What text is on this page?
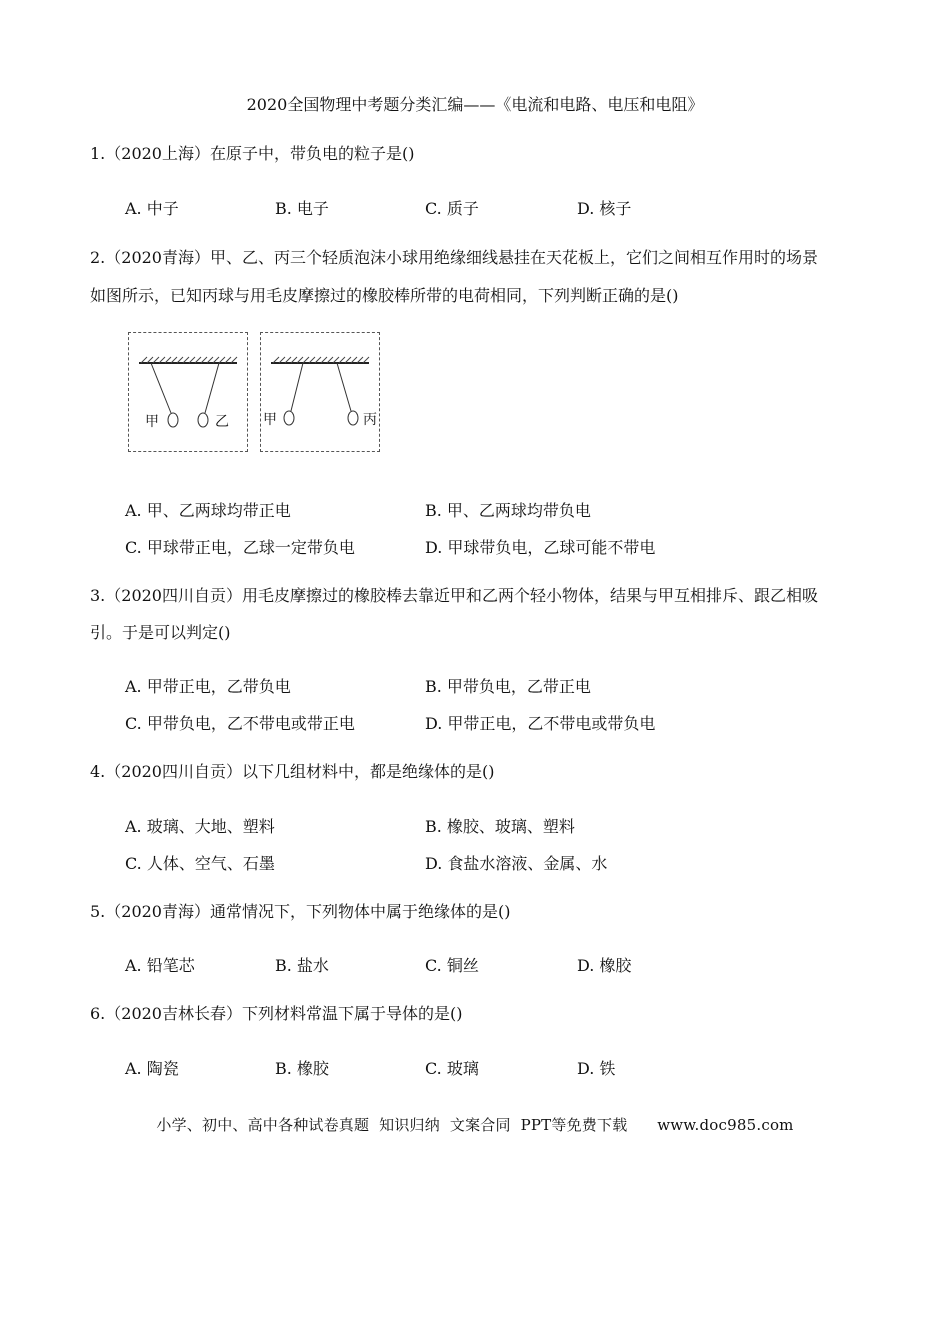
2020全国物理中考题分类汇编——《电流和电路、电压和电阻》
1.（2020上海）在原子中，带负电的粒子是()
A. 中子	B. 电子	C. 质子	D. 核子
2.（2020青海）甲、乙、丙三个轻质泡沫小球用绝缘细线悬挂在天花板上，它们之间相互作用时的场景
如图所示，已知丙球与用毛皮摩擦过的橡胶棒所带的电荷相同，下列判断正确的是()
甲	乙 甲	丙
A. 甲、乙两球均带正电	B. 甲、乙两球均带负电
C. 甲球带正电，乙球一定带负电	D. 甲球带负电，乙球可能不带电
3.（2020四川自贡）用毛皮摩擦过的橡胶棒去靠近甲和乙两个轻小物体，结果与甲互相排斥、跟乙相吸
引。于是可以判定()
A. 甲带正电，乙带负电	B. 甲带负电，乙带正电
C. 甲带负电，乙不带电或带正电	D. 甲带正电，乙不带电或带负电
4.（2020四川自贡）以下几组材料中，都是绝缘体的是()
A. 玻璃、大地、塑料	B. 橡胶、玻璃、塑料
C. 人体、空气、石墨	D. 食盐水溶液、金属、水
5.（2020青海）通常情况下，下列物体中属于绝缘体的是()
A. 铅笔芯	B. 盐水	C. 铜丝	D. 橡胶
6.（2020吉林长春）下列材料常温下属于导体的是()
A. 陶瓷	B. 橡胶	C. 玻璃	D. 铁
小学、初中、高中各种试卷真题  知识归纳  文案合同  PPT等免费下载      www.doc985.com
